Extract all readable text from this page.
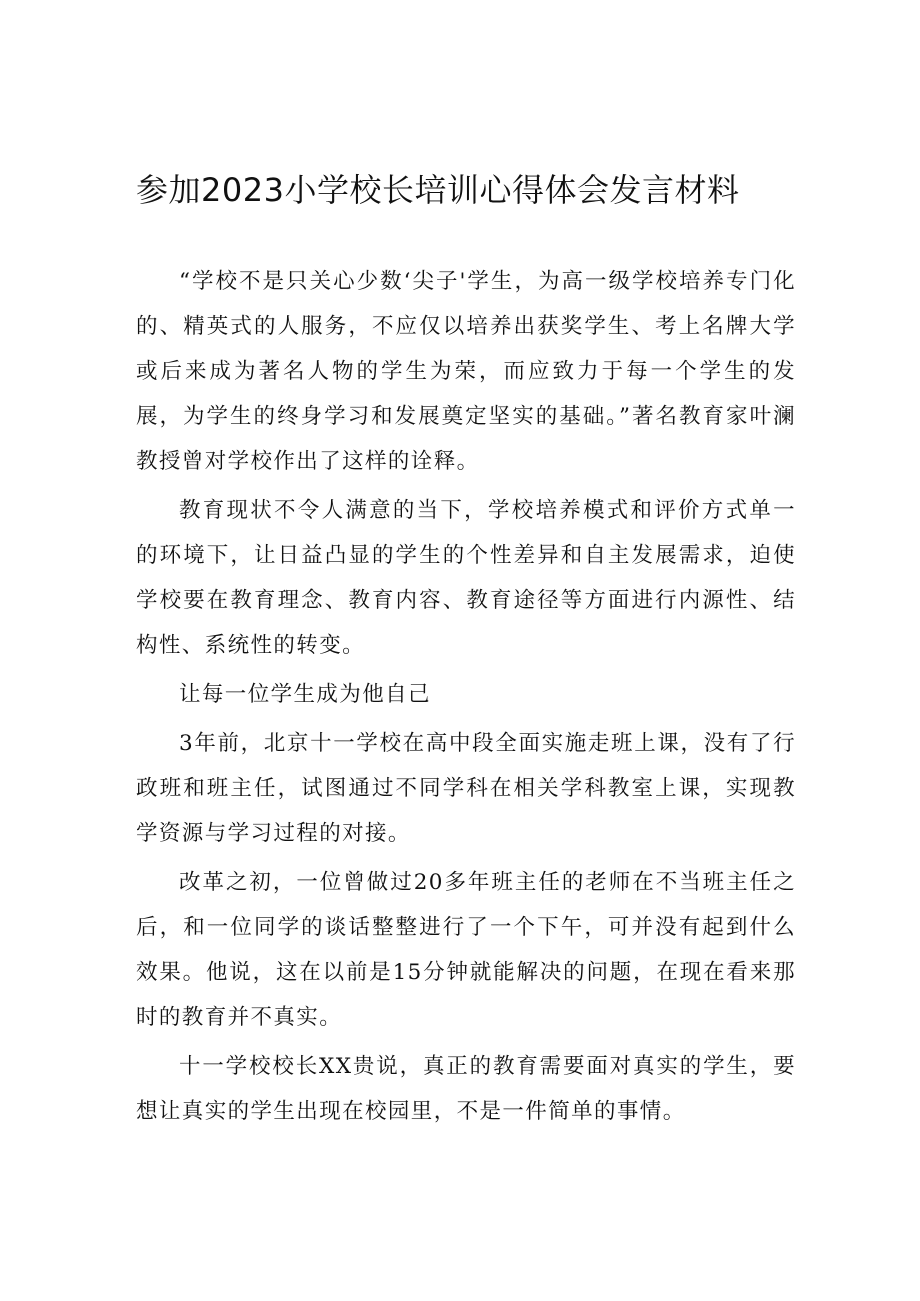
参加2023小学校长培训心得体会发言材料

“学校不是只关心少数‘尖子'学生，为高一级学校培养专门化的、精英式的人服务，不应仅以培养出获奖学生、考上名牌大学或后来成为著名人物的学生为荣，而应致力于每一个学生的发展，为学生的终身学习和发展奠定坚实的基础。”著名教育家叶澜教授曾对学校作出了这样的诠释。

教育现状不令人满意的当下，学校培养模式和评价方式单一的环境下，让日益凸显的学生的个性差异和自主发展需求，迫使学校要在教育理念、教育内容、教育途径等方面进行内源性、结构性、系统性的转变。

让每一位学生成为他自己

3年前，北京十一学校在高中段全面实施走班上课，没有了行政班和班主任，试图通过不同学科在相关学科教室上课，实现教学资源与学习过程的对接。

改革之初，一位曾做过20多年班主任的老师在不当班主任之后，和一位同学的谈话整整进行了一个下午，可并没有起到什么效果。他说，这在以前是15分钟就能解决的问题，在现在看来那时的教育并不真实。

十一学校校长XX贵说，真正的教育需要面对真实的学生，要想让真实的学生出现在校园里，不是一件简单的事情。
